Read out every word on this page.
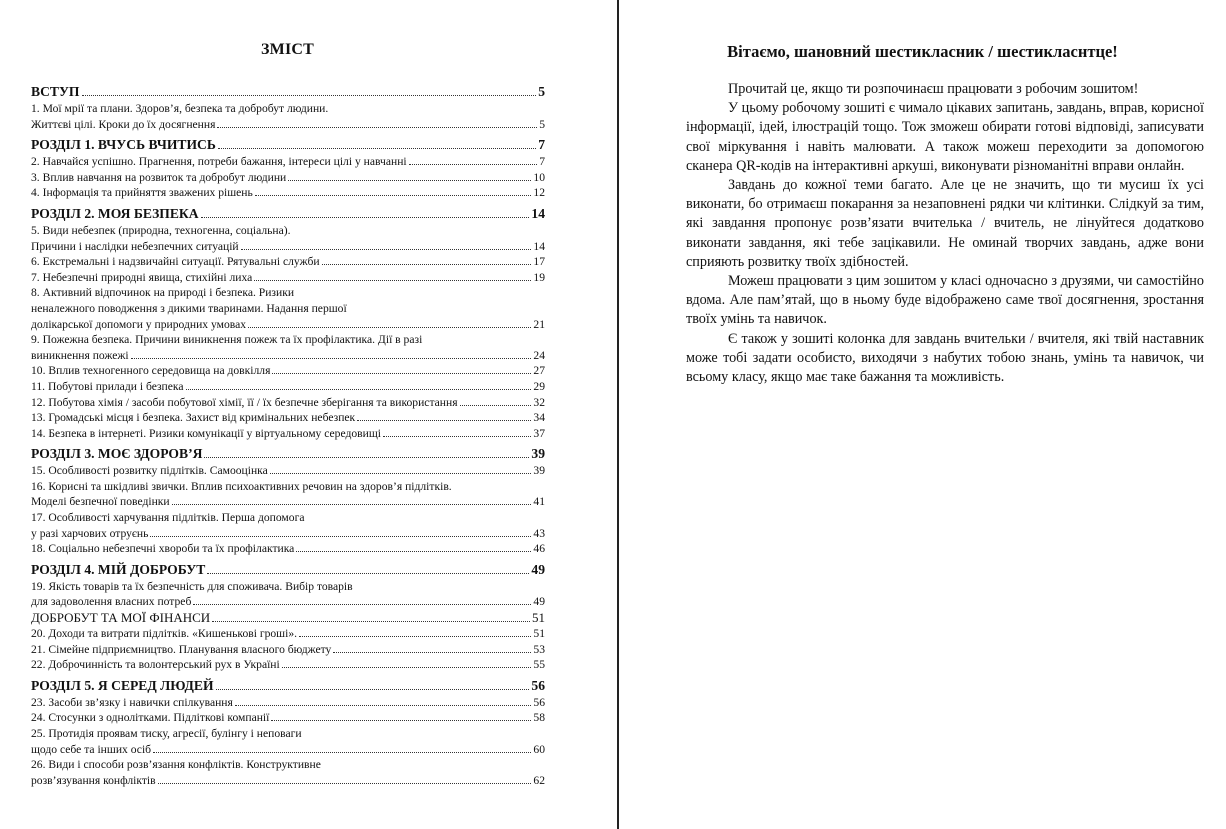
ЗМІСТ
ВСТУП	5
1. Мої мрії та плани. Здоров’я, безпека та добробут людини.
Життєві цілі. Кроки до їх досягнення	5
РОЗДІЛ 1. ВЧУСЬ ВЧИТИСЬ	7
2. Навчайся успішно. Прагнення, потреби бажання, інтереси цілі у навчанні	7
3. Вплив навчання на розвиток та добробут людини	10
4. Інформація та прийняття зважених рішень	12
РОЗДІЛ 2. МОЯ БЕЗПЕКА	14
5. Види небезпек (природна, техногенна, соціальна).
Причини і наслідки небезпечних ситуацій	14
6. Екстремальні і надзвичайні ситуації. Рятувальні служби	17
7. Небезпечні природні явища, стихійні лиха	19
8. Активний відпочинок на природі і безпека. Ризики
неналежного поводження з дикими тваринами. Надання першої
долікарської допомоги у природних умовах	21
9. Пожежна безпека. Причини виникнення пожеж та їх профілактика. Дії в разі
виникнення пожежі	24
10. Вплив техногенного середовища на довкілля	27
11. Побутові прилади і безпека	29
12. Побутова хімія / засоби побутової хімії, її / їх безпечне зберігання та використання	32
13. Громадські місця і безпека. Захист від кримінальних небезпек	34
14. Безпека в інтернеті. Ризики комунікації у віртуальному середовищі	37
РОЗДІЛ 3. МОЄ ЗДОРОВ’Я	39
15. Особливості розвитку підлітків. Самооцінка	39
16. Корисні та шкідливі звички. Вплив психоактивних речовин на здоров’я підлітків.
Моделі безпечної поведінки	41
17. Особливості харчування підлітків. Перша допомога
у разі харчових отруєнь	43
18. Соціально небезпечні хвороби та їх профілактика	46
РОЗДІЛ 4. МІЙ ДОБРОБУТ	49
19. Якість товарів та їх безпечність для споживача. Вибір товарів
для задоволення власних потреб	49
ДОБРОБУТ ТА МОЇ ФІНАНСИ	51
20. Доходи та витрати підлітків. «Кишенькові гроші».	51
21. Сімейне підприємництво. Планування власного бюджету	53
22. Доброчинність та волонтерський рух в Україні	55
РОЗДІЛ 5. Я СЕРЕД ЛЮДЕЙ	56
23. Засоби зв’язку і навички спілкування	56
24. Стосунки з однолітками. Підліткові компанії	58
25. Протидія проявам тиску, агресії, булінгу і неповаги
щодо себе та інших осіб	60
26. Види і способи розв’язання конфліктів. Конструктивне
розв’язування конфліктів	62
Вітаємо, шановний шестикласник / шестикласнтце!

Прочитай це, якщо ти розпочинаєш працювати з робочим зошитом!

У цьому робочому зошиті є чимало цікавих запитань, завдань, вправ, корисної інформації, ідей, ілюстрацій тощо. Тож зможеш обирати готові відповіді, записувати свої міркування і навіть малювати. А також можеш переходити за допомогою сканера QR-кодів на інтерактивні аркуші, виконувати різноманітні вправи онлайн.

Завдань до кожної теми багато. Але це не значить, що ти мусиш їх усі виконати, бо отримаєш покарання за незаповнені рядки чи клітинки. Слідкуй за тим, які завдання пропонує розв’язати вчителька / вчитель, не лінуйтеся додатково виконати завдання, які тебе зацікавили. Не оминай творчих завдань, адже вони сприяють розвитку твоїх здібностей.

Можеш працювати з цим зошитом у класі одночасно з друзями, чи самостійно вдома. Але пам’ятай, що в ньому буде відображено саме твої досягнення, зростання твоїх умінь та навичок.

Є також у зошиті колонка для завдань вчительки / вчителя, які твій наставник може тобі задати особисто, виходячи з набутих тобою знань, умінь та навичок, чи всьому класу, якщо має таке бажання та можливість.
